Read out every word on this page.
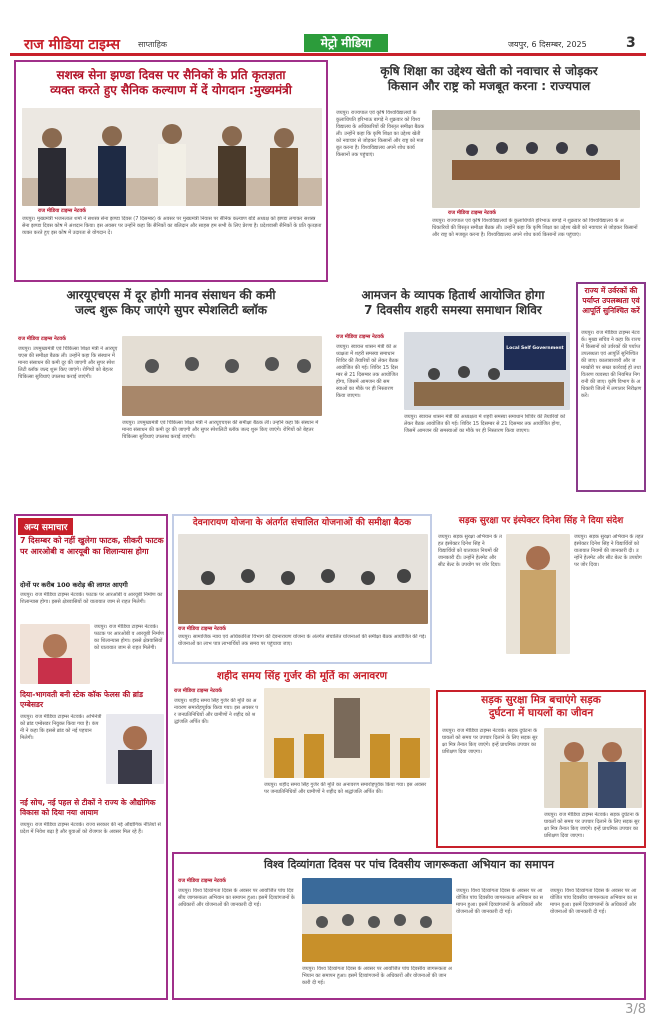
राज मीडिया टाइम्स साप्ताहिक	मेट्रो मीडिया	जयपुर, 6 दिसम्बर, 2025	3
सशस्त्र सेना झण्डा दिवस पर सैनिकों के प्रति कृतज्ञता
व्यक्त करते हुए सैनिक कल्याण में दें योगदान :मुख्यमंत्री
राज मीडिया टाइम्स नेटवर्क
जयपुर। मुख्यमंत्री भजनलाल शर्मा ने सशस्त्र सेना झण्डा दिवस (7 दिसम्बर) के अवसर पर मुख्यमंत्री निवास पर सैनिक कल्याण बोर्ड अध्यक्ष को झण्डा लगाकर सशस्त्र सेना झण्डा दिवस कोष में अंशदान किया। इस अवसर पर उन्होंने कहा कि सैनिकों का बलिदान और साहस हम सभी के लिए प्रेरणा है। प्रदेशवासी सैनिकों के प्रति कृतज्ञता व्यक्त करते हुए इस कोष में उदारता से योगदान दें।
कृषि शिक्षा का उद्देश्य खेती को नवाचार से जोड़कर
किसान और राष्ट्र को मजबूत करना : राज्यपाल
जयपुर। राज्यपाल एवं कृषि विश्वविद्यालयों के कुलाधिपति हरिभाऊ बागड़े ने शुक्रवार को विश्वविद्यालय के अधिकारियों की विस्तृत समीक्षा बैठक ली। उन्होंने कहा कि कृषि शिक्षा का उद्देश्य खेती को नवाचार से जोड़कर किसानों और राष्ट्र को मजबूत करना है। विश्वविद्यालय अपने शोध कार्य किसानों तक पहुंचाएं।
राज मीडिया टाइम्स नेटवर्क
जयपुर। राज्यपाल एवं कृषि विश्वविद्यालयों के कुलाधिपति हरिभाऊ बागड़े ने शुक्रवार को विश्वविद्यालय के अधिकारियों की विस्तृत समीक्षा बैठक ली। उन्होंने कहा कि कृषि शिक्षा का उद्देश्य खेती को नवाचार से जोड़कर किसानों और राष्ट्र को मजबूत करना है। विश्वविद्यालय अपने शोध कार्य किसानों तक पहुंचाएं।
आरयूएचएस में दूर होगी मानव संसाधन की कमी
जल्द शुरू किए जाएंगे सुपर स्पेशलिटी ब्लॉक
राज मीडिया टाइम्स नेटवर्क
जयपुर। उपमुख्यमंत्री एवं चिकित्सा शिक्षा मंत्री ने आरयूएचएस की समीक्षा बैठक ली। उन्होंने कहा कि संस्थान में मानव संसाधन की कमी दूर की जाएगी और सुपर स्पेशलिटी ब्लॉक जल्द शुरू किए जाएंगे। रोगियों को बेहतर चिकित्सा सुविधाएं उपलब्ध कराई जाएंगी।
जयपुर। उपमुख्यमंत्री एवं चिकित्सा शिक्षा मंत्री ने आरयूएचएस की समीक्षा बैठक ली। उन्होंने कहा कि संस्थान में मानव संसाधन की कमी दूर की जाएगी और सुपर स्पेशलिटी ब्लॉक जल्द शुरू किए जाएंगे। रोगियों को बेहतर चिकित्सा सुविधाएं उपलब्ध कराई जाएंगी।
आमजन के व्यापक हितार्थ आयोजित होगा
7 दिवसीय शहरी समस्या समाधान शिविर
राज मीडिया टाइम्स नेटवर्क
जयपुर। स्वायत्त शासन मंत्री की अध्यक्षता में शहरी समस्या समाधान शिविर की तैयारियों को लेकर बैठक आयोजित की गई। शिविर 15 दिसम्बर से 21 दिसम्बर तक आयोजित होगा, जिसमें आमजन की समस्याओं का मौके पर ही निस्तारण किया जाएगा।
Local Self Government
जयपुर। स्वायत्त शासन मंत्री की अध्यक्षता में शहरी समस्या समाधान शिविर की तैयारियों को लेकर बैठक आयोजित की गई। शिविर 15 दिसम्बर से 21 दिसम्बर तक आयोजित होगा, जिसमें आमजन की समस्याओं का मौके पर ही निस्तारण किया जाएगा।
राज्य में उर्वरकों की पर्याप्त उपलब्धता एवं आपूर्ति सुनिश्चित करें
जयपुर। राज मीडिया टाइम्स नेटवर्क। मुख्य सचिव ने कहा कि राज्य में किसानों को उर्वरकों की पर्याप्त उपलब्धता एवं आपूर्ति सुनिश्चित की जाए। कालाबाजारी और जमाखोरी पर सख्त कार्रवाई हो तथा वितरण व्यवस्था की नियमित निगरानी की जाए। कृषि विभाग के अधिकारी जिलों में लगातार निरीक्षण करें।
अन्य समाचार
7 दिसम्बर को नहीं खुलेगा फाटक, सीकरी फाटक पर आरओबी व आरयूबी का शिलान्यास होगा
दोनों पर करीब 100 करोड़ की लागत आएगी
जयपुर। राज मीडिया टाइम्स नेटवर्क। फाटक पर आरओबी व आरयूबी निर्माण का शिलान्यास होगा। इससे क्षेत्रवासियों को यातायात जाम से राहत मिलेगी।
जयपुर। राज मीडिया टाइम्स नेटवर्क। फाटक पर आरओबी व आरयूबी निर्माण का शिलान्यास होगा। इससे क्षेत्रवासियों को यातायात जाम से राहत मिलेगी।
दिया-भागवती बनी स्टेक कॉक फेलस की ब्रांड एम्बेसडर
जयपुर। राज मीडिया टाइम्स नेटवर्क। अभिनेत्री को ब्रांड एम्बेसडर नियुक्त किया गया है। कंपनी ने कहा कि इससे ब्रांड को नई पहचान मिलेगी।
नई सोच, नई पहल से टीकों ने राज्य के औद्योगिक विकास को दिया नया आयाम
जयपुर। राज मीडिया टाइम्स नेटवर्क। राज्य सरकार की नई औद्योगिक नीतियों से प्रदेश में निवेश बढ़ा है और युवाओं को रोजगार के अवसर मिल रहे हैं।
देवनारायण योजना के अंतर्गत संचालित योजनाओं की समीक्षा बैठक
राज मीडिया टाइम्स नेटवर्क
जयपुर। सामाजिक न्याय एवं अधिकारिता विभाग की देवनारायण योजना के अंतर्गत संचालित योजनाओं की समीक्षा बैठक आयोजित की गई। योजनाओं का लाभ पात्र लाभार्थियों तक समय पर पहुंचाया जाए।
सड़क सुरक्षा पर इंस्पेक्टर दिनेश सिंह ने दिया संदेश
जयपुर। सड़क सुरक्षा अभियान के तहत इंस्पेक्टर दिनेश सिंह ने विद्यार्थियों को यातायात नियमों की जानकारी दी। उन्होंने हेलमेट और सीट बेल्ट के उपयोग पर जोर दिया।
जयपुर। सड़क सुरक्षा अभियान के तहत इंस्पेक्टर दिनेश सिंह ने विद्यार्थियों को यातायात नियमों की जानकारी दी। उन्होंने हेलमेट और सीट बेल्ट के उपयोग पर जोर दिया।
शहीद समय सिंह गुर्जर की मूर्ति का अनावरण
राज मीडिया टाइम्स नेटवर्क
जयपुर। शहीद समय सिंह गुर्जर की मूर्ति का अनावरण समारोहपूर्वक किया गया। इस अवसर पर जनप्रतिनिधियों और ग्रामीणों ने शहीद को श्रद्धांजलि अर्पित की।
जयपुर। शहीद समय सिंह गुर्जर की मूर्ति का अनावरण समारोहपूर्वक किया गया। इस अवसर पर जनप्रतिनिधियों और ग्रामीणों ने शहीद को श्रद्धांजलि अर्पित की।
सड़क सुरक्षा मित्र बचाएंगे सड़क
दुर्घटना में घायलों का जीवन
जयपुर। राज मीडिया टाइम्स नेटवर्क। सड़क दुर्घटना के घायलों को समय पर उपचार दिलाने के लिए सड़क सुरक्षा मित्र तैनात किए जाएंगे। इन्हें प्राथमिक उपचार का प्रशिक्षण दिया जाएगा।
जयपुर। राज मीडिया टाइम्स नेटवर्क। सड़क दुर्घटना के घायलों को समय पर उपचार दिलाने के लिए सड़क सुरक्षा मित्र तैनात किए जाएंगे। इन्हें प्राथमिक उपचार का प्रशिक्षण दिया जाएगा।
विश्व दिव्यांगता दिवस पर पांच दिवसीय जागरूकता अभियान का समापन
राज मीडिया टाइम्स नेटवर्क
जयपुर। विश्व दिव्यांगता दिवस के अवसर पर आयोजित पांच दिवसीय जागरूकता अभियान का समापन हुआ। इसमें दिव्यांगजनों के अधिकारों और योजनाओं की जानकारी दी गई।
जयपुर। विश्व दिव्यांगता दिवस के अवसर पर आयोजित पांच दिवसीय जागरूकता अभियान का समापन हुआ। इसमें दिव्यांगजनों के अधिकारों और योजनाओं की जानकारी दी गई।
जयपुर। विश्व दिव्यांगता दिवस के अवसर पर आयोजित पांच दिवसीय जागरूकता अभियान का समापन हुआ। इसमें दिव्यांगजनों के अधिकारों और योजनाओं की जानकारी दी गई।
जयपुर। विश्व दिव्यांगता दिवस के अवसर पर आयोजित पांच दिवसीय जागरूकता अभियान का समापन हुआ। इसमें दिव्यांगजनों के अधिकारों और योजनाओं की जानकारी दी गई।
3/8
